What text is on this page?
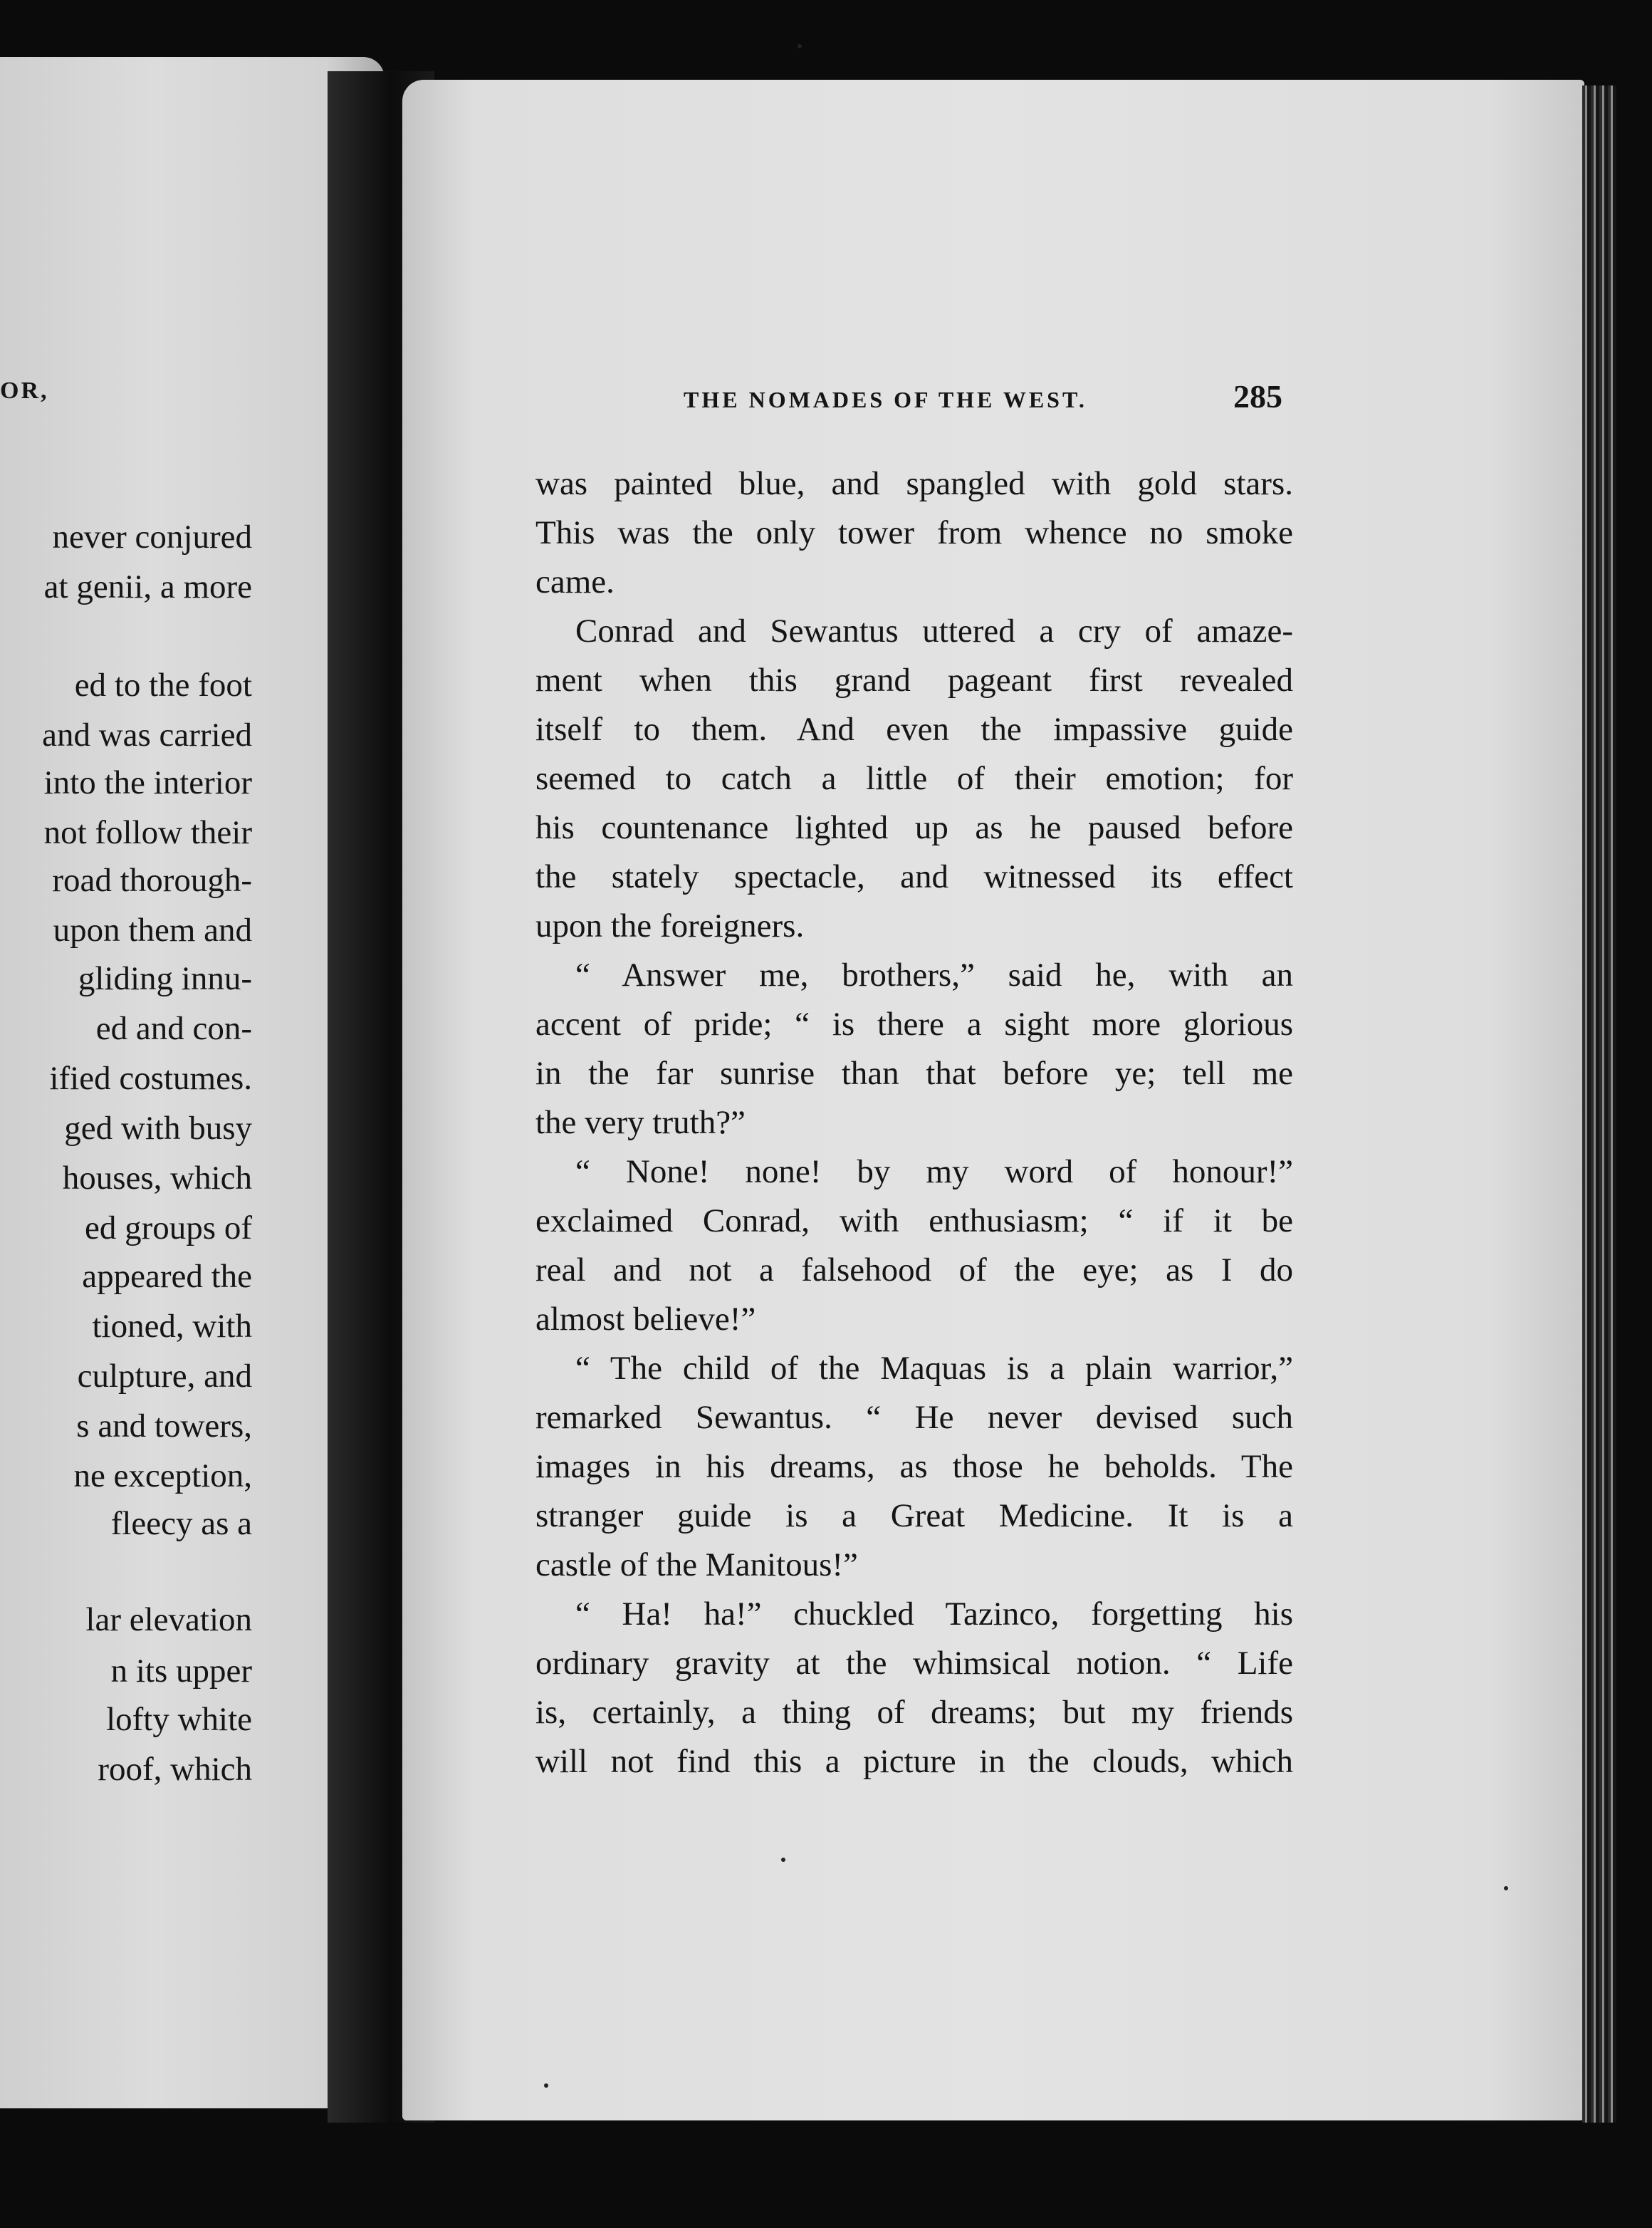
never conjured
at genii, a more
ed to the foot
and was carried
into the interior
not follow their
road thorough-
upon them and
gliding innu-
ed and con-
ified costumes.
ged with busy
houses, which
ed groups of
appeared the
tioned, with
culpture, and
s and towers,
ne exception,
fleecy as a
lar elevation
n its upper
lofty white
roof, which
OR,	THE NOMADES OF THE WEST.	285
was painted blue, and spangled with gold stars.
This was the only tower from whence no smoke
came.
Conrad and Sewantus uttered a cry of amaze-
ment when this grand pageant first revealed
itself to them. And even the impassive guide
seemed to catch a little of their emotion; for
his countenance lighted up as he paused before
the stately spectacle, and witnessed its effect
upon the foreigners.
“ Answer me, brothers,” said he, with an
accent of pride; “ is there a sight more glorious
in the far sunrise than that before ye; tell me
the very truth?”
“ None! none! by my word of honour!”
exclaimed Conrad, with enthusiasm; “ if it be
real and not a falsehood of the eye; as I do
almost believe!”
“ The child of the Maquas is a plain warrior,”
remarked Sewantus. “ He never devised such
images in his dreams, as those he beholds. The
stranger guide is a Great Medicine. It is a
castle of the Manitous!”
“ Ha! ha!” chuckled Tazinco, forgetting his
ordinary gravity at the whimsical notion. “ Life
is, certainly, a thing of dreams; but my friends
will not find this a picture in the clouds, which
